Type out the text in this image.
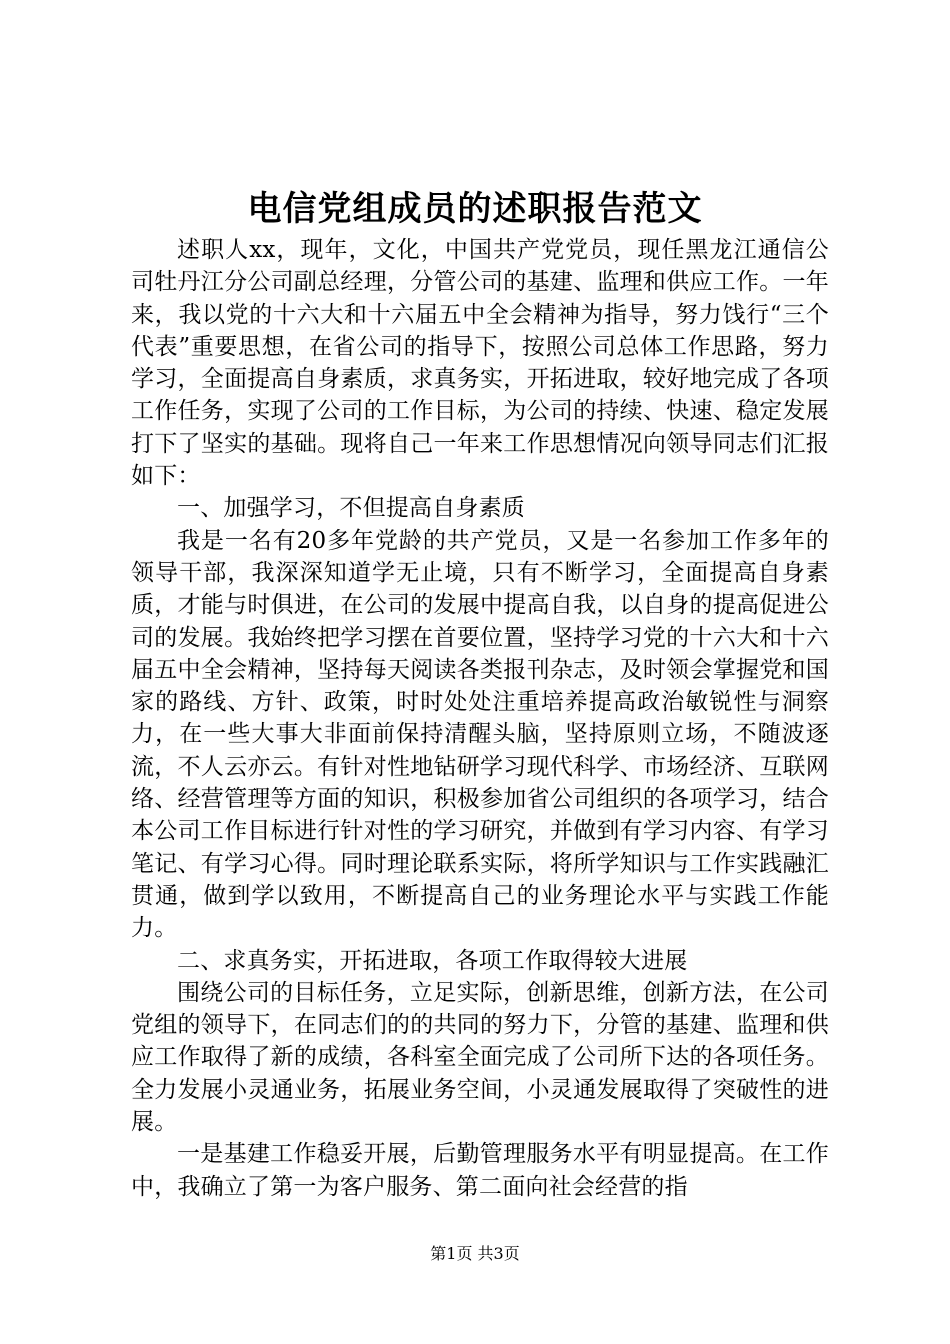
电信党组成员的述职报告范文

述职人xx，现年，文化，中国共产党党员，现任黑龙江通信公司牡丹江分公司副总经理，分管公司的基建、监理和供应工作。一年来，我以党的十六大和十六届五中全会精神为指导，努力饯行“三个代表”重要思想，在省公司的指导下，按照公司总体工作思路，努力学习，全面提高自身素质，求真务实，开拓进取，较好地完成了各项工作任务，实现了公司的工作目标，为公司的持续、快速、稳定发展打下了坚实的基础。现将自己一年来工作思想情况向领导同志们汇报如下：

一、加强学习，不但提高自身素质

我是一名有20多年党龄的共产党员，又是一名参加工作多年的领导干部，我深深知道学无止境，只有不断学习，全面提高自身素质，才能与时俱进，在公司的发展中提高自我，以自身的提高促进公司的发展。我始终把学习摆在首要位置，坚持学习党的十六大和十六届五中全会精神，坚持每天阅读各类报刊杂志，及时领会掌握党和国家的路线、方针、政策，时时处处注重培养提高政治敏锐性与洞察力，在一些大事大非面前保持清醒头脑，坚持原则立场，不随波逐流，不人云亦云。有针对性地钻研学习现代科学、市场经济、互联网络、经营管理等方面的知识，积极参加省公司组织的各项学习，结合本公司工作目标进行针对性的学习研究，并做到有学习内容、有学习笔记、有学习心得。同时理论联系实际，将所学知识与工作实践融汇贯通，做到学以致用，不断提高自己的业务理论水平与实践工作能力。

二、求真务实，开拓进取，各项工作取得较大进展

围绕公司的目标任务，立足实际，创新思维，创新方法，在公司党组的领导下，在同志们的的共同的努力下，分管的基建、监理和供应工作取得了新的成绩，各科室全面完成了公司所下达的各项任务。全力发展小灵通业务，拓展业务空间，小灵通发展取得了突破性的进展。

一是基建工作稳妥开展，后勤管理服务水平有明显提高。在工作中，我确立了第一为客户服务、第二面向社会经营的指

第1页 共3页
